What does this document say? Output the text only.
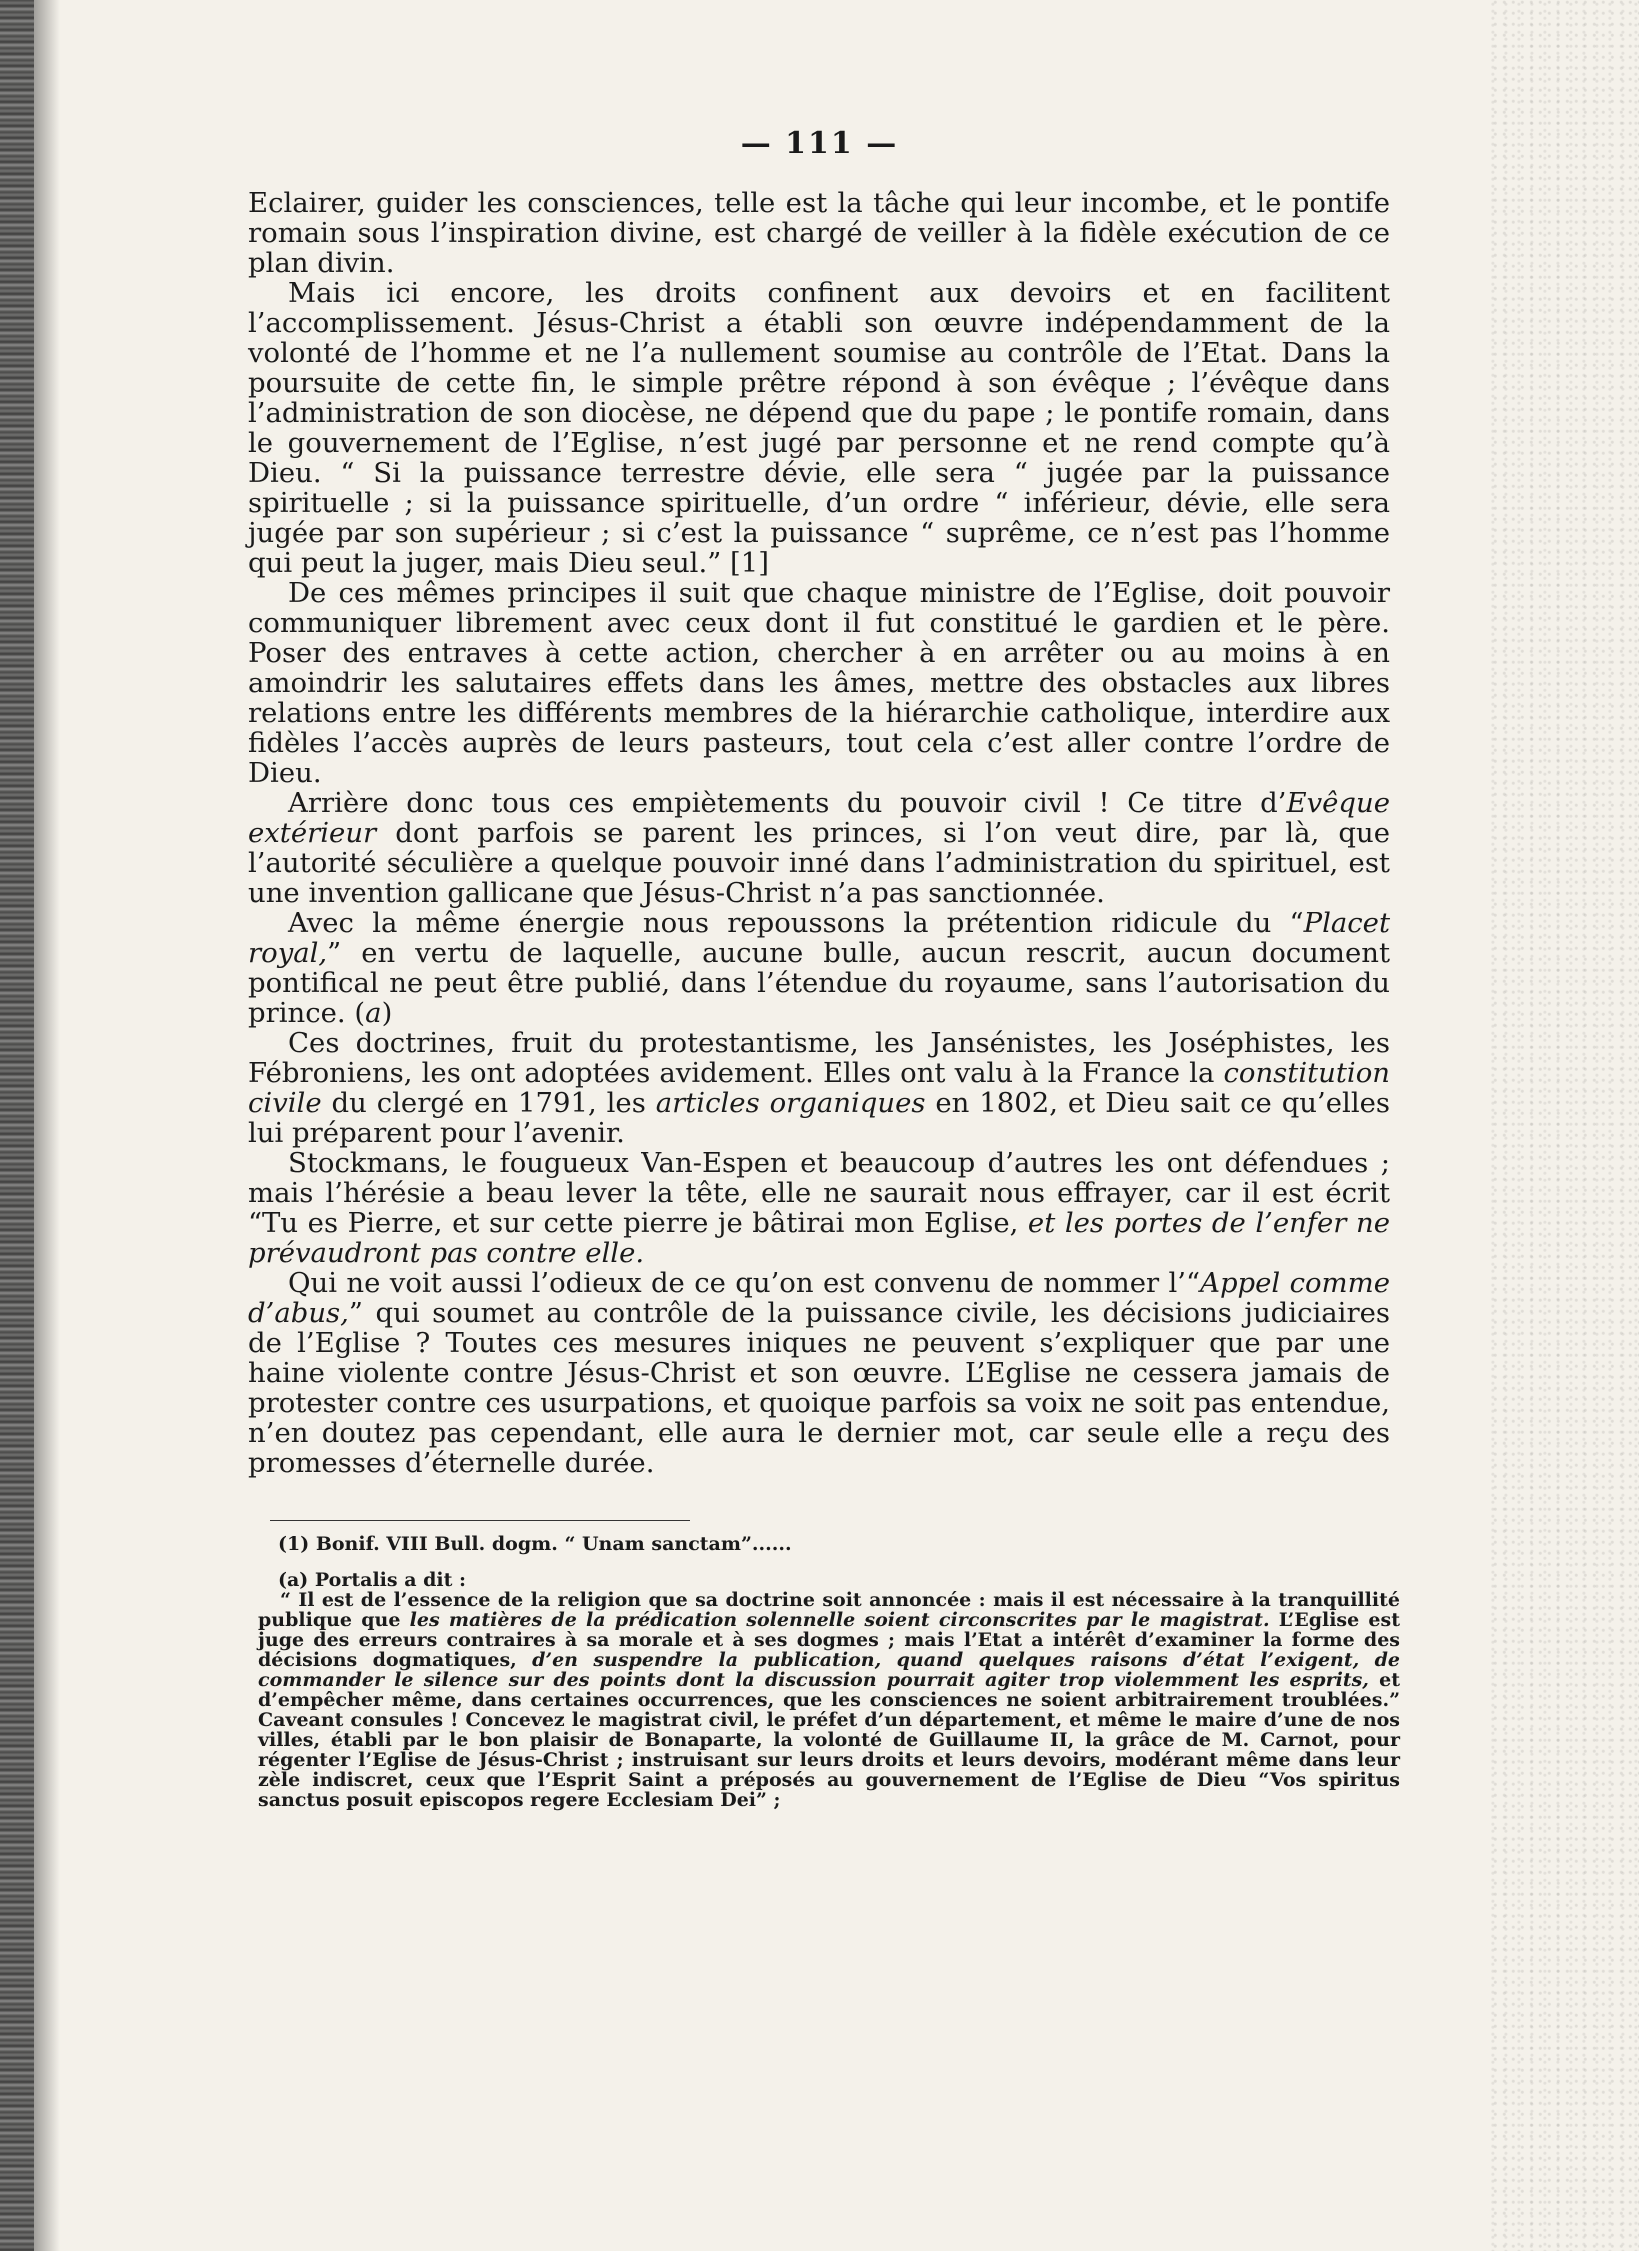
— 111 —

Eclairer, guider les consciences, telle est la tâche qui leur incombe, et le pontife romain sous l’inspiration divine, est chargé de veiller à la fidèle exécution de ce plan divin.

Mais ici encore, les droits confinent aux devoirs et en facilitent l’accomplissement. Jésus-Christ a établi son œuvre indépendamment de la volonté de l’homme et ne l’a nullement soumise au contrôle de l’Etat. Dans la poursuite de cette fin, le simple prêtre répond à son évêque ; l’évêque dans l’administration de son diocèse, ne dépend que du pape ; le pontife romain, dans le gouvernement de l’Eglise, n’est jugé par personne et ne rend compte qu’à Dieu. “ Si la puissance terrestre dévie, elle sera “ jugée par la puissance spirituelle ; si la puissance spirituelle, d’un ordre “ inférieur, dévie, elle sera jugée par son supérieur ; si c’est la puissance “ suprême, ce n’est pas l’homme qui peut la juger, mais Dieu seul.” [1]

De ces mêmes principes il suit que chaque ministre de l’Eglise, doit pouvoir communiquer librement avec ceux dont il fut constitué le gardien et le père. Poser des entraves à cette action, chercher à en arrêter ou au moins à en amoindrir les salutaires effets dans les âmes, mettre des obstacles aux libres relations entre les différents membres de la hiérarchie catholique, interdire aux fidèles l’accès auprès de leurs pasteurs, tout cela c’est aller contre l’ordre de Dieu.

Arrière donc tous ces empiètements du pouvoir civil ! Ce titre d’Evêque extérieur dont parfois se parent les princes, si l’on veut dire, par là, que l’autorité séculière a quelque pouvoir inné dans l’administration du spirituel, est une invention gallicane que Jésus-Christ n’a pas sanctionnée.

Avec la même énergie nous repoussons la prétention ridicule du “Placet royal,” en vertu de laquelle, aucune bulle, aucun rescrit, aucun document pontifical ne peut être publié, dans l’étendue du royaume, sans l’autorisation du prince. (a)

Ces doctrines, fruit du protestantisme, les Jansénistes, les Joséphistes, les Fébroniens, les ont adoptées avidement. Elles ont valu à la France la constitution civile du clergé en 1791, les articles organiques en 1802, et Dieu sait ce qu’elles lui préparent pour l’avenir.

Stockmans, le fougueux Van-Espen et beaucoup d’autres les ont défendues ; mais l’hérésie a beau lever la tête, elle ne saurait nous effrayer, car il est écrit “Tu es Pierre, et sur cette pierre je bâtirai mon Eglise, et les portes de l’enfer ne prévaudront pas contre elle.

Qui ne voit aussi l’odieux de ce qu’on est convenu de nommer l’“Appel comme d’abus,” qui soumet au contrôle de la puissance civile, les décisions judiciaires de l’Eglise ? Toutes ces mesures iniques ne peuvent s’expliquer que par une haine violente contre Jésus-Christ et son œuvre. L’Eglise ne cessera jamais de protester contre ces usurpations, et quoique parfois sa voix ne soit pas entendue, n’en doutez pas cependant, elle aura le dernier mot, car seule elle a reçu des promesses d’éternelle durée.

(1) Bonif. VIII Bull. dogm. “ Unam sanctam”......

(a) Portalis a dit :

“ Il est de l’essence de la religion que sa doctrine soit annoncée : mais il est nécessaire à la tranquillité publique que les matières de la prédication solennelle soient circonscrites par le magistrat. L’Eglise est juge des erreurs contraires à sa morale et à ses dogmes ; mais l’Etat a intérêt d’examiner la forme des décisions dogmatiques, d’en suspendre la publication, quand quelques raisons d’état l’exigent, de commander le silence sur des points dont la discussion pourrait agiter trop violemment les esprits, et d’empêcher même, dans certaines occurrences, que les consciences ne soient arbitrairement troublées.” Caveant consules ! Concevez le magistrat civil, le préfet d’un département, et même le maire d’une de nos villes, établi par le bon plaisir de Bonaparte, la volonté de Guillaume II, la grâce de M. Carnot, pour régenter l’Eglise de Jésus-Christ ; instruisant sur leurs droits et leurs devoirs, modérant même dans leur zèle indiscret, ceux que l’Esprit Saint a préposés au gouvernement de l’Eglise de Dieu “Vos spiritus sanctus posuit episcopos regere Ecclesiam Dei” ;
